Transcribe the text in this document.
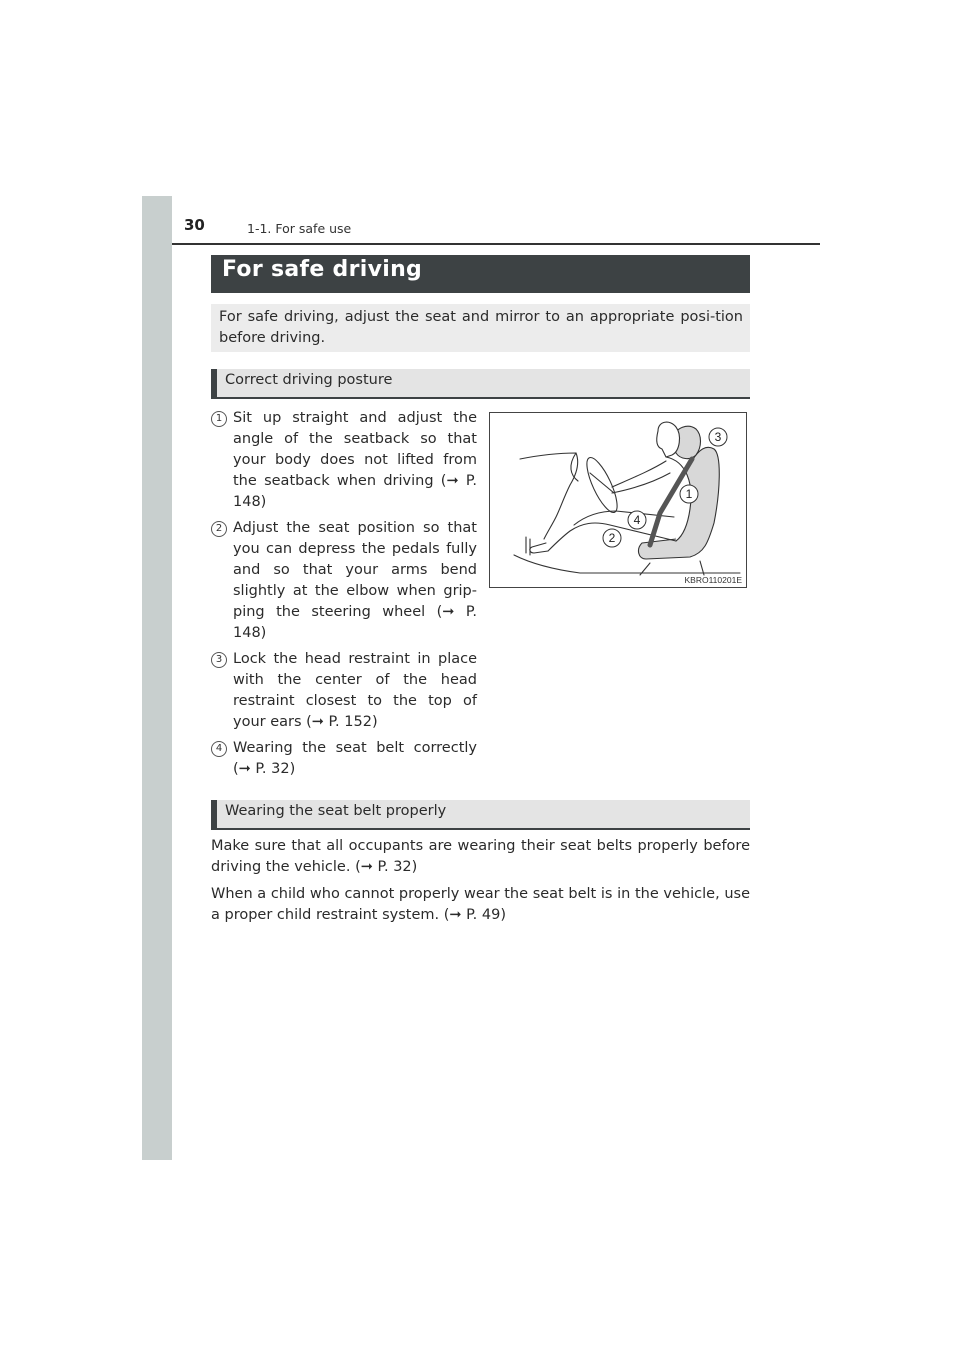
30	1-1. For safe use
For safe driving

For safe driving, adjust the seat and mirror to an appropriate posi-tion before driving.

Correct driving posture
1 Sit up straight and adjust the angle of the seatback so that your body does not lifted from the seatback when driving (➞ P. 148)
2 Adjust the seat position so that you can depress the pedals fully and so that your arms bend slightly at the elbow when grip-ping the steering wheel (➞ P. 148)
3 Lock the head restraint in place with the center of the head restraint closest to the top of your ears (➞ P. 152)
4 Wearing the seat belt correctly (➞ P. 32)
3
1
4
2
KBRO110201E
Wearing the seat belt properly

Make sure that all occupants are wearing their seat belts properly before driving the vehicle. (➞ P. 32)

When a child who cannot properly wear the seat belt is in the vehicle, use a proper child restraint system. (➞ P. 49)
